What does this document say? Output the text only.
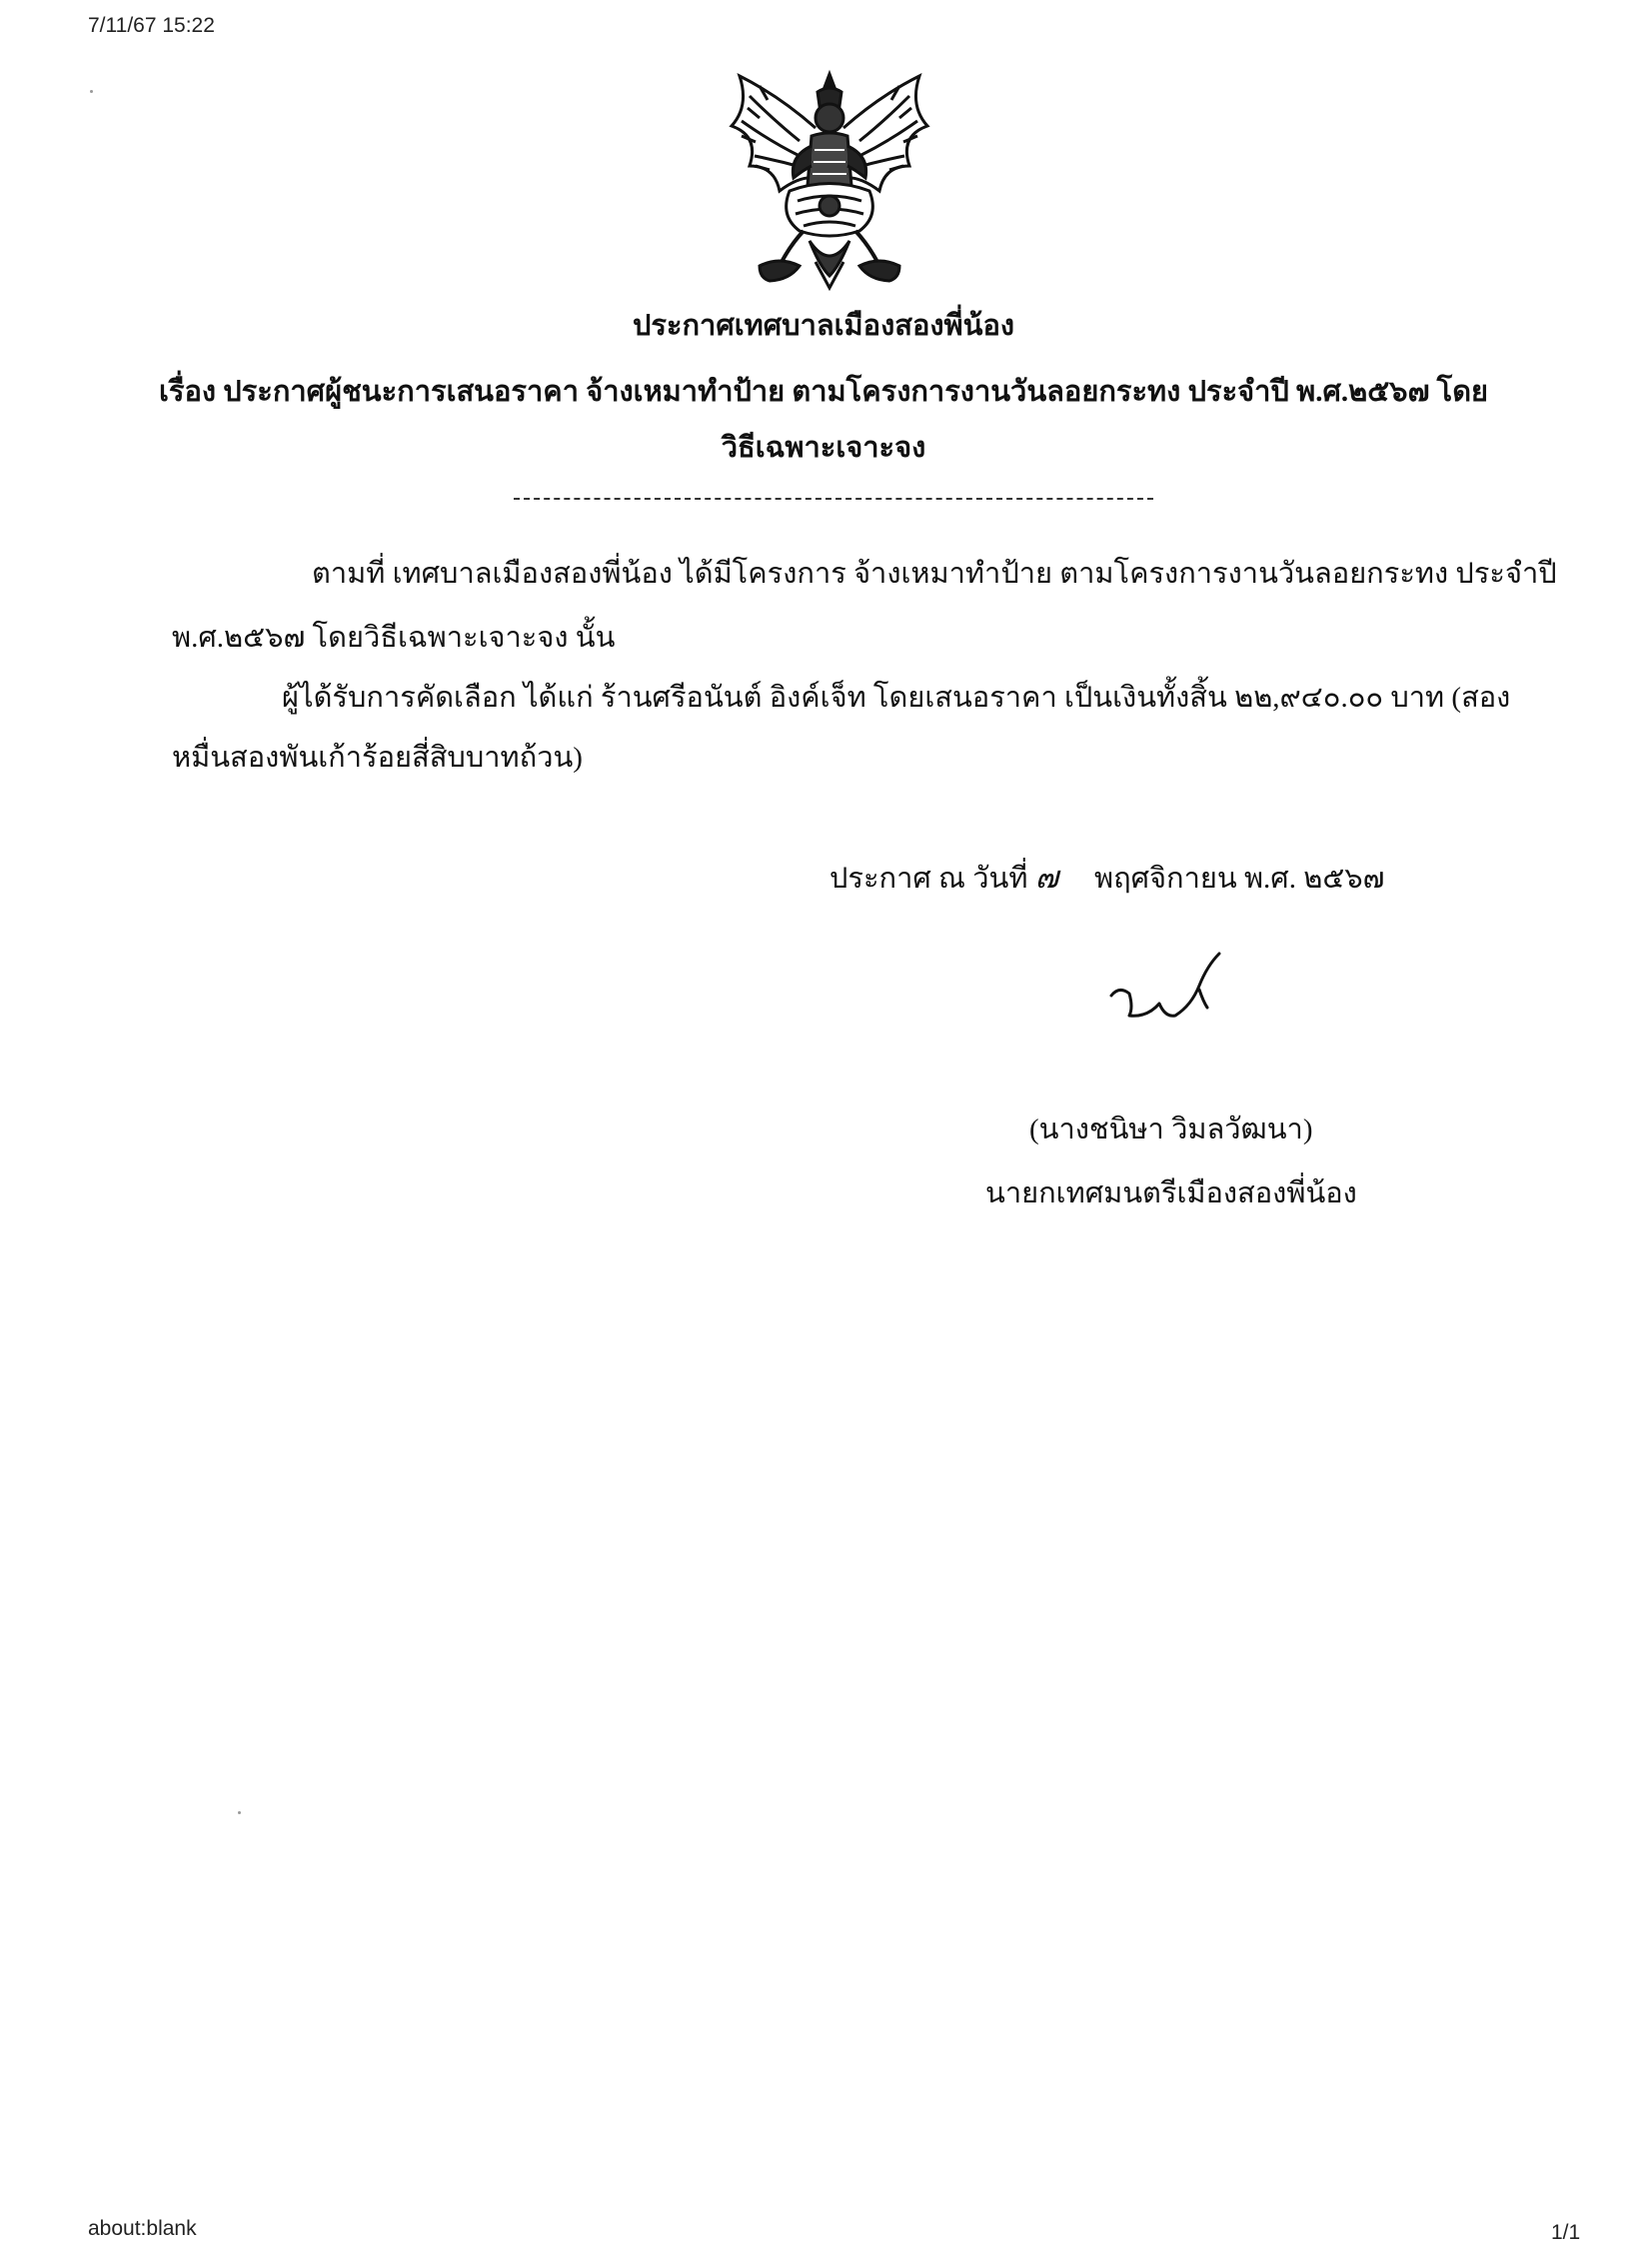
7/11/67 15:22
ประกาศเทศบาลเมืองสองพี่น้อง
เรื่อง ประกาศผู้ชนะการเสนอราคา จ้างเหมาทำป้าย ตามโครงการงานวันลอยกระทง ประจำปี พ.ศ.๒๕๖๗ โดย
วิธีเฉพาะเจาะจง
ตามที่ เทศบาลเมืองสองพี่น้อง ได้มีโครงการ จ้างเหมาทำป้าย ตามโครงการงานวันลอยกระทง ประจำปี
พ.ศ.๒๕๖๗ โดยวิธีเฉพาะเจาะจง นั้น
ผู้ได้รับการคัดเลือก ได้แก่ ร้านศรีอนันต์ อิงค์เจ็ท โดยเสนอราคา เป็นเงินทั้งสิ้น ๒๒,๙๔๐.๐๐ บาท (สอง
หมื่นสองพันเก้าร้อยสี่สิบบาทถ้วน)
ประกาศ ณ วันที่ ๗ พฤศจิกายน พ.ศ. ๒๕๖๗
(นางชนิษา วิมลวัฒนา)
นายกเทศมนตรีเมืองสองพี่น้อง
about:blank	1/1
